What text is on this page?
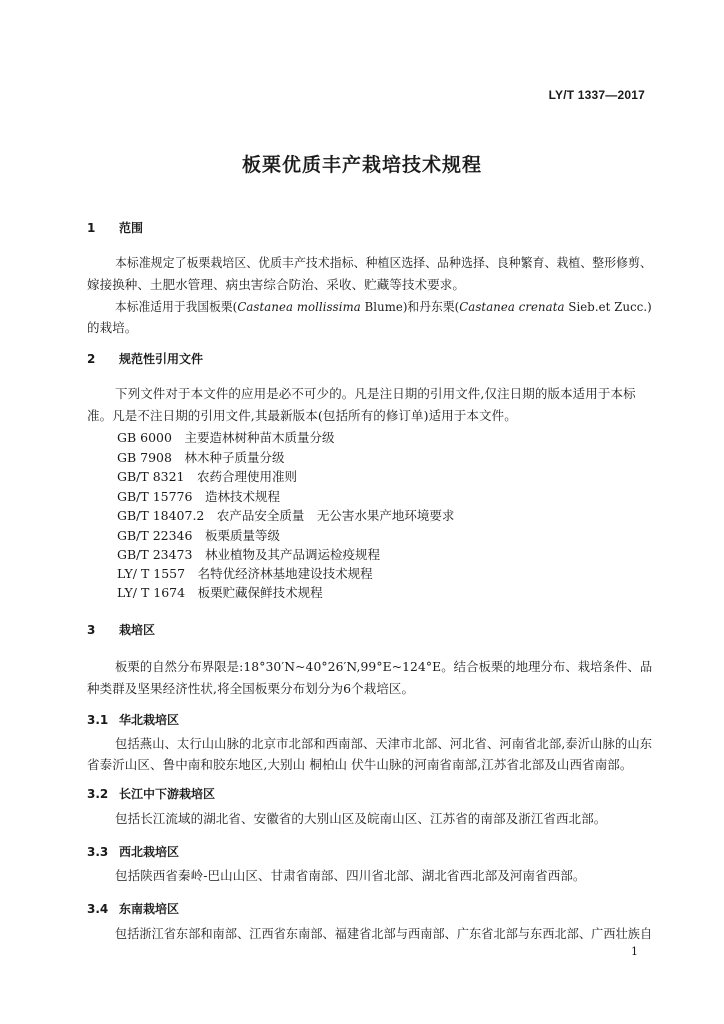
LY/T 1337—2017
板栗优质丰产栽培技术规程
1 范围
本标准规定了板栗栽培区、优质丰产技术指标、种植区选择、品种选择、良种繁育、栽植、整形修剪、
嫁接换种、土肥水管理、病虫害综合防治、采收、贮藏等技术要求。
本标准适用于我国板栗(Castanea mollissima Blume)和丹东栗(Castanea crenata Sieb.et Zucc.)
的栽培。
2 规范性引用文件
下列文件对于本文件的应用是必不可少的。凡是注日期的引用文件,仅注日期的版本适用于本标
准。凡是不注日期的引用文件,其最新版本(包括所有的修订单)适用于本文件。
GB 6000　 主要造林树种苗木质量分级
GB 7908　 林木种子质量分级
GB/T 8321　 农药合理使用准则
GB/T 15776　 造林技术规程
GB/T 18407.2　 农产品安全质量　无公害水果产地环境要求
GB/T 22346　 板栗质量等级
GB/T 23473　 林业植物及其产品调运检疫规程
LY/ T 1557　 名特优经济林基地建设技术规程
LY/ T 1674　 板栗贮藏保鲜技术规程
3 栽培区
板栗的自然分布界限是:18°30′N~40°26′N,99°E~124°E。结合板栗的地理分布、栽培条件、品
种类群及坚果经济性状,将全国板栗分布划分为6个栽培区。
3.1 华北栽培区
包括燕山、太行山山脉的北京市北部和西南部、天津市北部、河北省、河南省北部,泰沂山脉的山东
省泰沂山区、鲁中南和胶东地区,大别山 桐柏山 伏牛山脉的河南省南部,江苏省北部及山西省南部。
3.2 长江中下游栽培区
包括长江流域的湖北省、安徽省的大别山区及皖南山区、江苏省的南部及浙江省西北部。
3.3 西北栽培区
包括陕西省秦岭-巴山山区、甘肃省南部、四川省北部、湖北省西北部及河南省西部。
3.4 东南栽培区
包括浙江省东部和南部、江西省东南部、福建省北部与西南部、广东省北部与东西北部、广西壮族自
1
